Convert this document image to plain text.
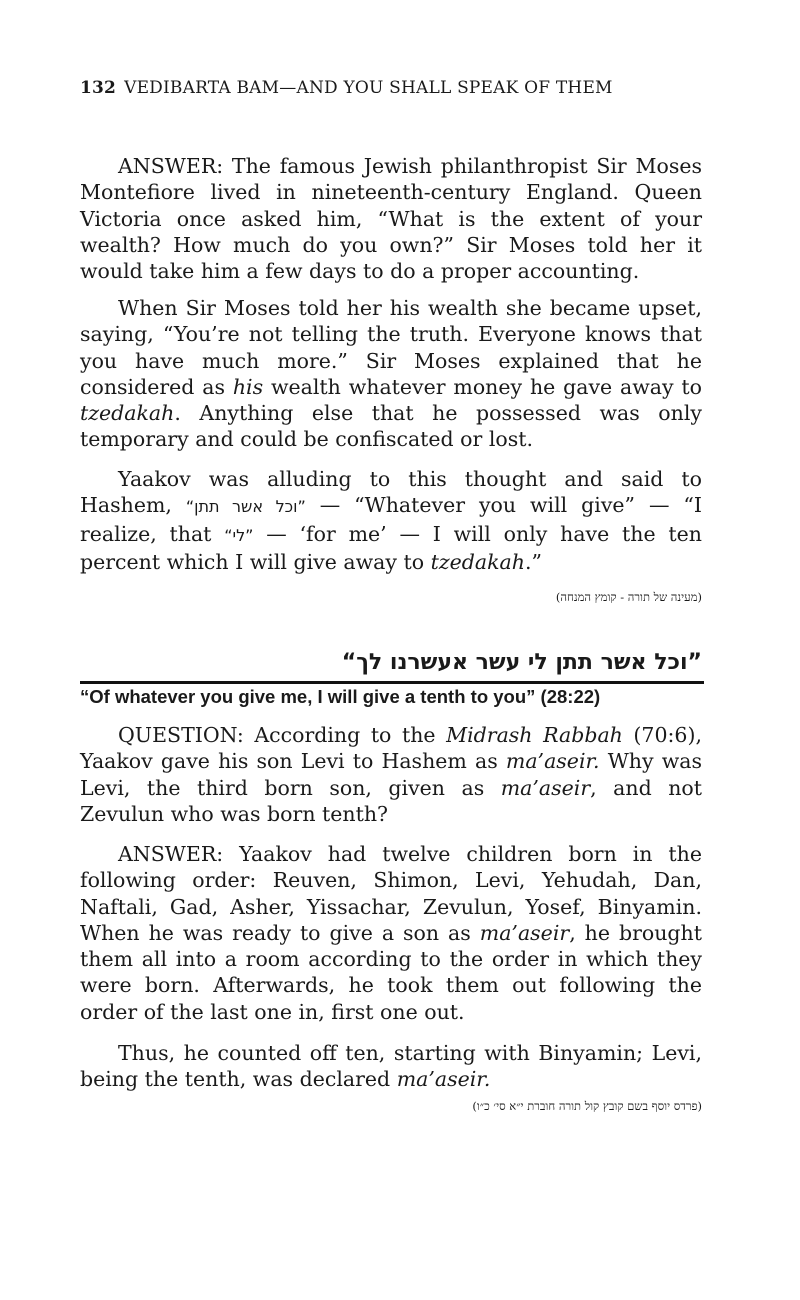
132 VEDIBARTA BAM—AND YOU SHALL SPEAK OF THEM

ANSWER: The famous Jewish philanthropist Sir Moses Montefiore lived in nineteenth-century England. Queen Victoria once asked him, “What is the extent of your wealth? How much do you own?” Sir Moses told her it would take him a few days to do a proper accounting.

When Sir Moses told her his wealth she became upset, saying, “You’re not telling the truth. Everyone knows that you have much more.” Sir Moses explained that he considered as his wealth whatever money he gave away to tzedakah. Anything else that he possessed was only temporary and could be confiscated or lost.

Yaakov was alluding to this thought and said to Hashem, ”וכל אשר תתן“ — “Whatever you will give” — “I realize, that ”לי“ — ‘for me’ — I will only have the ten percent which I will give away to tzedakah.”

(מעינה של תורה - קומץ המנחה)
”וכל אשר תתן לי עשר אעשרנו לך“
“Of whatever you give me, I will give a tenth to you” (28:22)

QUESTION: According to the Midrash Rabbah (70:6), Yaakov gave his son Levi to Hashem as ma’aseir. Why was Levi, the third born son, given as ma’aseir, and not Zevulun who was born tenth?

ANSWER: Yaakov had twelve children born in the following order: Reuven, Shimon, Levi, Yehudah, Dan, Naftali, Gad, Asher, Yissachar, Zevulun, Yosef, Binyamin. When he was ready to give a son as ma’aseir, he brought them all into a room according to the order in which they were born. Afterwards, he took them out following the order of the last one in, first one out.

Thus, he counted off ten, starting with Binyamin; Levi, being the tenth, was declared ma’aseir.

(פרדס יוסף בשם קובץ קול תורה חוברת י״א סי׳ כ״ו)
